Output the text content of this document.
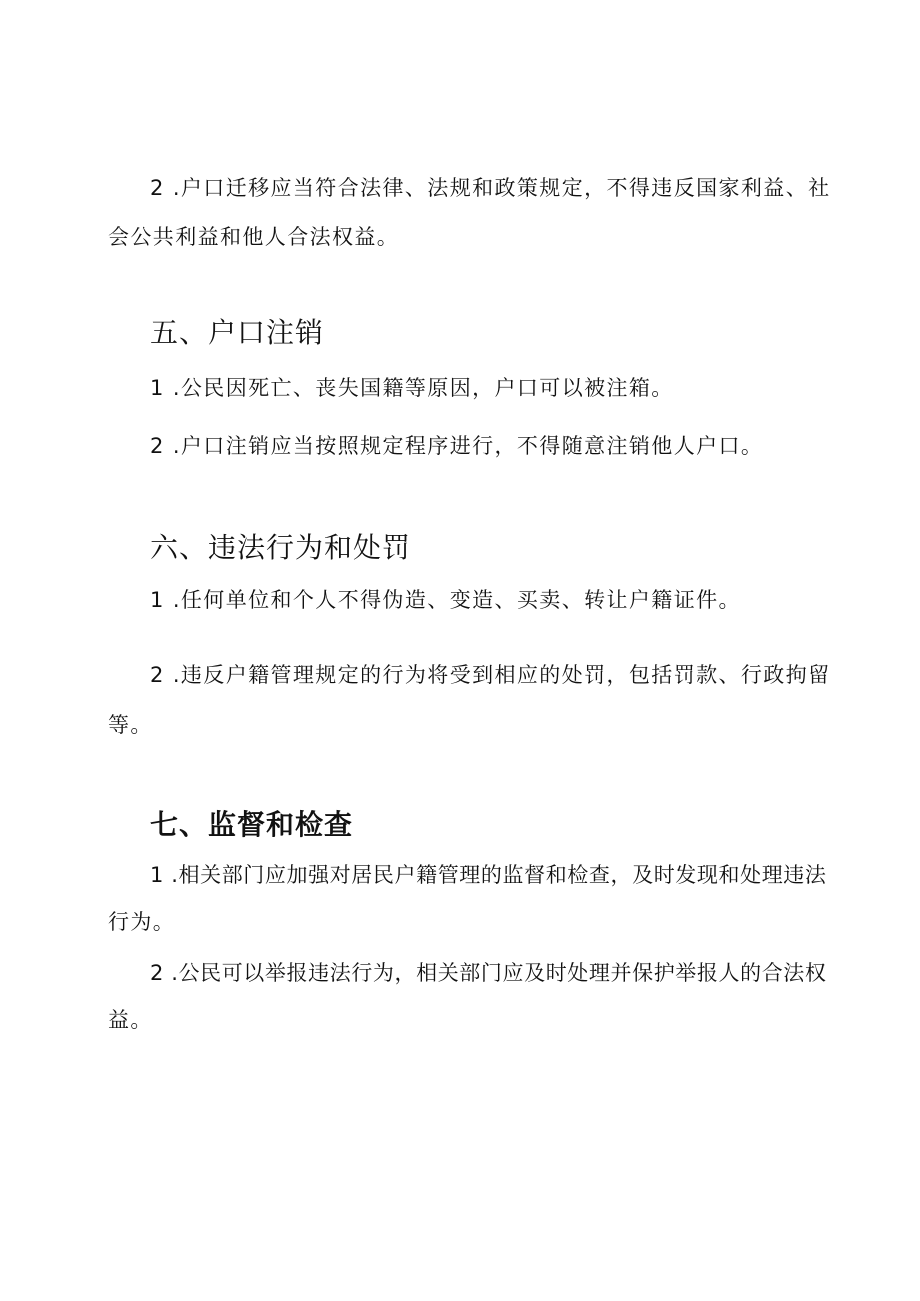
2 .户口迁移应当符合法律、法规和政策规定，不得违反国家利益、社
会公共利益和他人合法权益。
五、户口注销
1 .公民因死亡、丧失国籍等原因，户口可以被注箱。
2 .户口注销应当按照规定程序进行，不得随意注销他人户口。
六、违法行为和处罚
1 .任何单位和个人不得伪造、变造、买卖、转让户籍证件。
2 .违反户籍管理规定的行为将受到相应的处罚，包括罚款、行政拘留
等。
七、监督和检查
1 .相关部门应加强对居民户籍管理的监督和检查，及时发现和处理违法
行为。
2 .公民可以举报违法行为，相关部门应及时处理并保护举报人的合法权
益。
